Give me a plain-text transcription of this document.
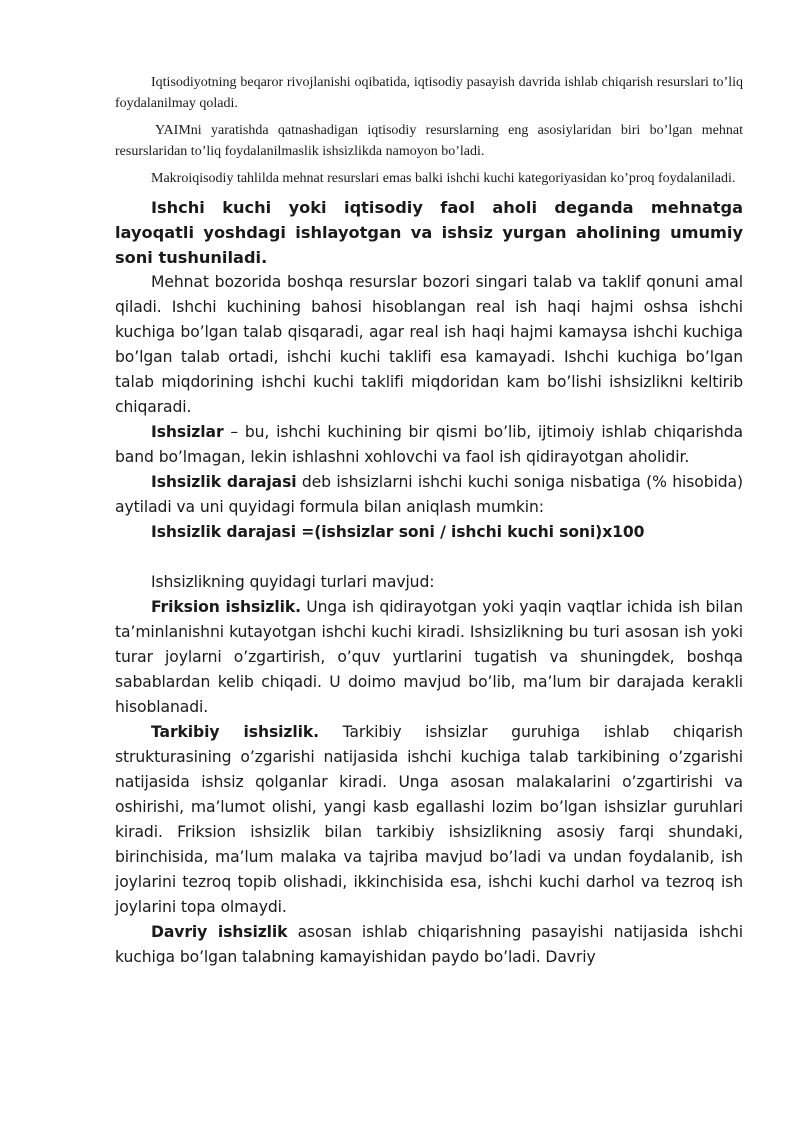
Iqtisodiyotning beqaror rivojlanishi oqibatida, iqtisodiy pasayish davrida ishlab chiqarish resurslari to’liq foydalanilmay qoladi.

YAIMni yaratishda qatnashadigan iqtisodiy resurslarning eng asosiylaridan biri bo’lgan mehnat resurslaridan to’liq foydalanilmaslik ishsizlikda namoyon bo’ladi.

Makroiqisodiy tahlilda mehnat resurslari emas balki ishchi kuchi kategoriyasidan ko’proq foydalaniladi.

Ishchi kuchi yoki iqtisodiy faol aholi deganda mehnatga layoqatli yoshdagi ishlayotgan va ishsiz yurgan aholining umumiy soni tushuniladi.

Mehnat bozorida boshqa resurslar bozori singari talab va taklif qonuni amal qiladi. Ishchi kuchining bahosi hisoblangan real ish haqi hajmi oshsa ishchi kuchiga bo’lgan talab qisqaradi, agar real ish haqi hajmi kamaysa ishchi kuchiga bo’lgan talab ortadi, ishchi kuchi taklifi esa kamayadi. Ishchi kuchiga bo’lgan talab miqdorining ishchi kuchi taklifi miqdoridan kam bo’lishi ishsizlikni keltirib chiqaradi.

Ishsizlar – bu, ishchi kuchining bir qismi bo’lib, ijtimoiy ishlab chiqarishda band bo’lmagan, lekin ishlashni xohlovchi va faol ish qidirayotgan aholidir.

Ishsizlik darajasi deb ishsizlarni ishchi kuchi soniga nisbatiga (% hisobida) aytiladi va uni quyidagi formula bilan aniqlash mumkin:

Ishsizlik darajasi =(ishsizlar soni / ishchi kuchi soni)x100

Ishsizlikning quyidagi turlari mavjud:

Friksion ishsizlik. Unga ish qidirayotgan yoki yaqin vaqtlar ichida ish bilan ta’minlanishni kutayotgan ishchi kuchi kiradi. Ishsizlikning bu turi asosan ish yoki turar joylarni o’zgartirish, o’quv yurtlarini tugatish va shuningdek, boshqa sabablardan kelib chiqadi. U doimo mavjud bo’lib, ma’lum bir darajada kerakli hisoblanadi.

Tarkibiy ishsizlik. Tarkibiy ishsizlar guruhiga ishlab chiqarish strukturasining o’zgarishi natijasida ishchi kuchiga talab tarkibining o’zgarishi natijasida ishsiz qolganlar kiradi. Unga asosan malakalarini o’zgartirishi va oshirishi, ma’lumot olishi, yangi kasb egallashi lozim bo’lgan ishsizlar guruhlari kiradi. Friksion ishsizlik bilan tarkibiy ishsizlikning asosiy farqi shundaki, birinchisida, ma’lum malaka va tajriba mavjud bo’ladi va undan foydalanib, ish joylarini tezroq topib olishadi, ikkinchisida esa, ishchi kuchi darhol va tezroq ish joylarini topa olmaydi.

Davriy ishsizlik asosan ishlab chiqarishning pasayishi natijasida ishchi kuchiga bo’lgan talabning kamayishidan paydo bo’ladi. Davriy
